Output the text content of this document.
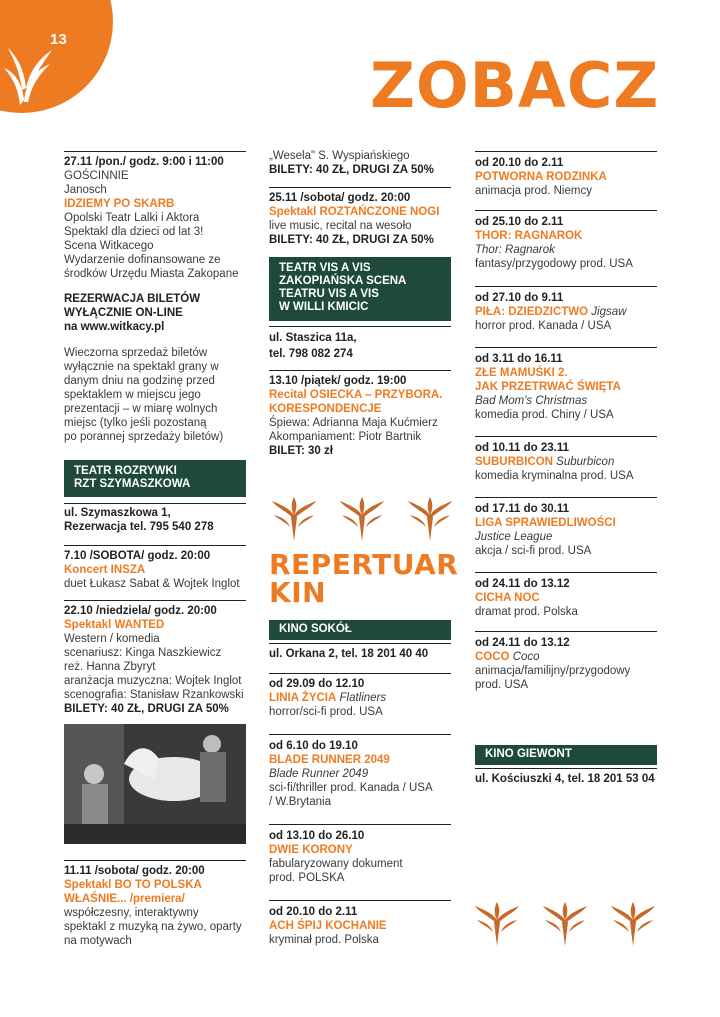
13
ZOBACZ

27.11 /pon./ godz. 9:00 i 11:00

GOŚCINNIE

Janosch

IDZIEMY PO SKARB

Opolski Teatr Lalki i Aktora

Spektakl dla dzieci od lat 3!

Scena Witkacego

Wydarzenie dofinansowane ze

środków Urzędu Miasta Zakopane

REZERWACJA BILETÓW

WYŁĄCZNIE ON-LINE

na www.witkacy.pl

Wieczorna sprzedaż biletów

wyłącznie na spektakl grany w

danym dniu na godzinę przed

spektaklem w miejscu jego

prezentacji – w miarę wolnych

miejsc (tylko jeśli pozostaną

po porannej sprzedaży biletów)

TEATR ROZRYWKI

RZT SZYMASZKOWA

ul. Szymaszkowa 1,

Rezerwacja tel. 795 540 278

7.10 /SOBOTA/ godz. 20:00

Koncert INSZA

duet Łukasz Sabat & Wojtek Inglot

22.10 /niedziela/ godz. 20:00

Spektakl WANTED

Western / komedia

scenariusz: Kinga Naszkiewicz

reż. Hanna Zbyryt

aranżacja muzyczna: Wojtek Inglot

scenografia: Stanisław Rzankowski

BILETY: 40 ZŁ, DRUGI ZA 50%

11.11 /sobota/ godz. 20:00

Spektakl BO TO POLSKA

WŁAŚNIE... /premiera/

współczesny, interaktywny

spektakl z muzyką na żywo, oparty

na motywach

„Wesela" S. Wyspiańskiego

BILETY: 40 ZŁ, DRUGI ZA 50%

25.11 /sobota/ godz. 20:00

Spektakl ROZTAŃCZONE NOGI

live music, recital na wesoło

BILETY: 40 ZŁ, DRUGI ZA 50%

TEATR VIS A VIS

ZAKOPIAŃSKA SCENA

TEATRU VIS A VIS

W WILLI KMICIC

ul. Staszica 11a,

tel. 798 082 274

13.10 /piątek/ godz. 19:00

Recital OSIECKA – PRZYBORA.

KORESPONDENCJE

Śpiewa: Adrianna Maja Kućmierz

Akompaniament: Piotr Bartnik

BILET: 30 zł

REPERTUAR

KIN

KINO SOKÓŁ

ul. Orkana 2, tel. 18 201 40 40

od 29.09 do 12.10

LINIA ŻYCIA Flatliners

horror/sci-fi prod. USA

od 6.10 do 19.10

BLADE RUNNER 2049

Blade Runner 2049

sci-fi/thriller prod. Kanada / USA

/ W.Brytania

od 13.10 do 26.10

DWIE KORONY

fabularyzowany dokument

prod. POLSKA

od 20.10 do 2.11

ACH ŚPIJ KOCHANIE

kryminał prod. Polska

od 20.10 do 2.11

POTWORNA RODZINKA

animacja prod. Niemcy

od 25.10 do 2.11

THOR: RAGNAROK

Thor: Ragnarok

fantasy/przygodowy prod. USA

od 27.10 do 9.11

PIŁA: DZIEDZICTWO Jigsaw

horror prod. Kanada / USA

od 3.11 do 16.11

ZŁE MAMUŚKI 2.

JAK PRZETRWAĆ ŚWIĘTA

Bad Mom's Christmas

komedia prod. Chiny / USA

od 10.11 do 23.11

SUBURBICON Suburbicon

komedia kryminalna prod. USA

od 17.11 do 30.11

LIGA SPRAWIEDLIWOŚCI

Justice League

akcja / sci-fi prod. USA

od 24.11 do 13.12

CICHA NOC

dramat prod. Polska

od 24.11 do 13.12

COCO Coco

animacja/familijny/przygodowy

prod. USA

KINO GIEWONT

ul. Kościuszki 4, tel. 18 201 53 04
